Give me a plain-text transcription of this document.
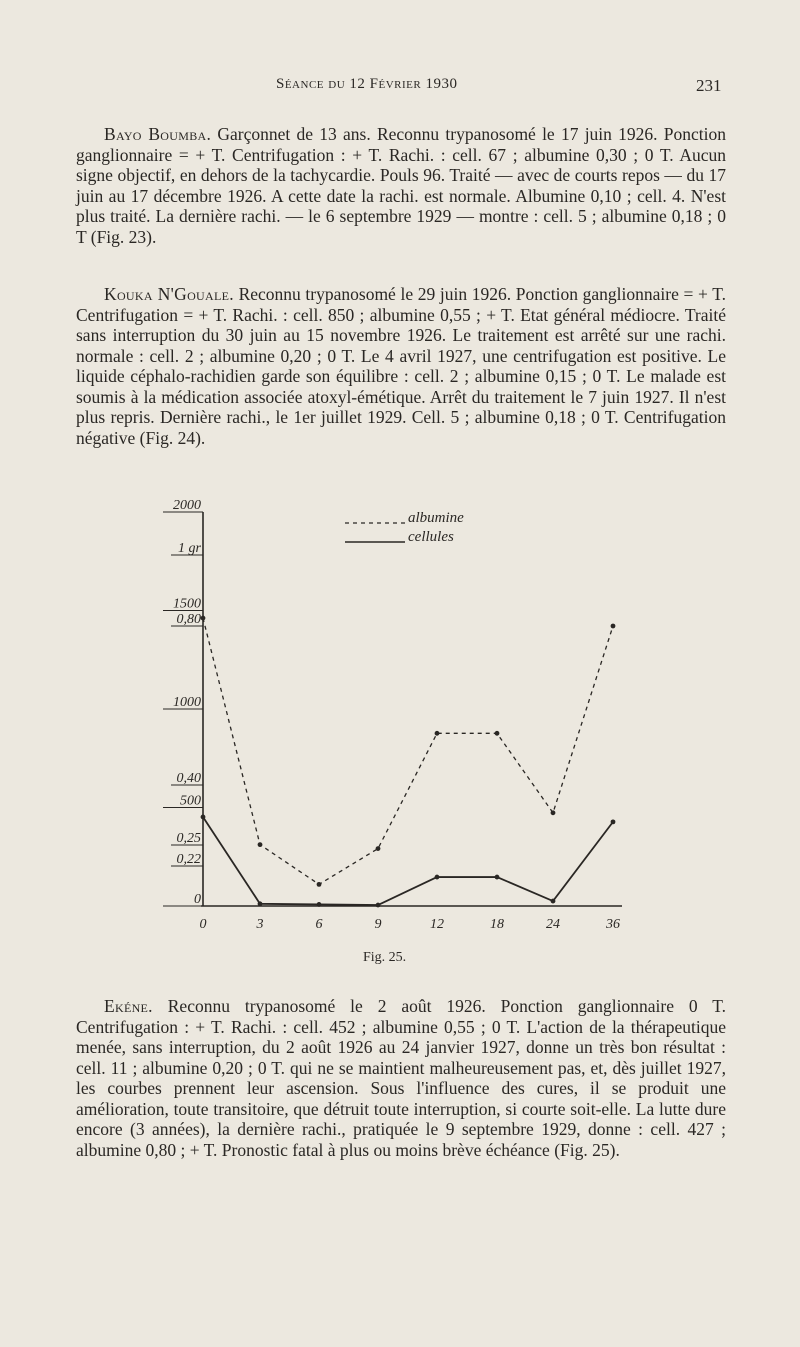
Séance du 12 Février 1930	231

Bayo Boumba. Garçonnet de 13 ans. Reconnu trypanosomé le 17 juin 1926. Ponction ganglionnaire = + T. Centrifugation : + T. Rachi. : cell. 67 ; albumine 0,30 ; 0 T. Aucun signe objectif, en dehors de la tachycardie. Pouls 96. Traité — avec de courts repos — du 17 juin au 17 décembre 1926. A cette date la rachi. est normale. Albumine 0,10 ; cell. 4. N'est plus traité. La dernière rachi. — le 6 septembre 1929 — montre : cell. 5 ; albumine 0,18 ; 0 T (Fig. 23).

Kouka N'Gouale. Reconnu trypanosomé le 29 juin 1926. Ponction ganglionnaire = + T. Centrifugation = + T. Rachi. : cell. 850 ; albumine 0,55 ; + T. Etat général médiocre. Traité sans interruption du 30 juin au 15 novembre 1926. Le traitement est arrêté sur une rachi. normale : cell. 2 ; albumine 0,20 ; 0 T. Le 4 avril 1927, une centrifugation est positive. Le liquide céphalo-rachidien garde son équilibre : cell. 2 ; albumine 0,15 ; 0 T. Le malade est soumis à la médication associée atoxyl-émétique. Arrêt du traitement le 7 juin 1927. Il n'est plus repris. Dernière rachi., le 1er juillet 1929. Cell. 5 ; albumine 0,18 ; 0 T. Centrifugation négative (Fig. 24).

2000
1 gr
1500
0,80
1000
0,40
500
0,25
0,22
0
0	3	6	9	12	18	24	36
albumine
cellules
Fig. 25.

Ekéne. Reconnu trypanosomé le 2 août 1926. Ponction ganglionnaire 0 T. Centrifugation : + T. Rachi. : cell. 452 ; albumine 0,55 ; 0 T. L'action de la thérapeutique menée, sans interruption, du 2 août 1926 au 24 janvier 1927, donne un très bon résultat : cell. 11 ; albumine 0,20 ; 0 T. qui ne se maintient malheureusement pas, et, dès juillet 1927, les courbes prennent leur ascension. Sous l'influence des cures, il se produit une amélioration, toute transitoire, que détruit toute interruption, si courte soit-elle. La lutte dure encore (3 années), la dernière rachi., pratiquée le 9 septembre 1929, donne : cell. 427 ; albumine 0,80 ; + T. Pronostic fatal à plus ou moins brève échéance (Fig. 25).
